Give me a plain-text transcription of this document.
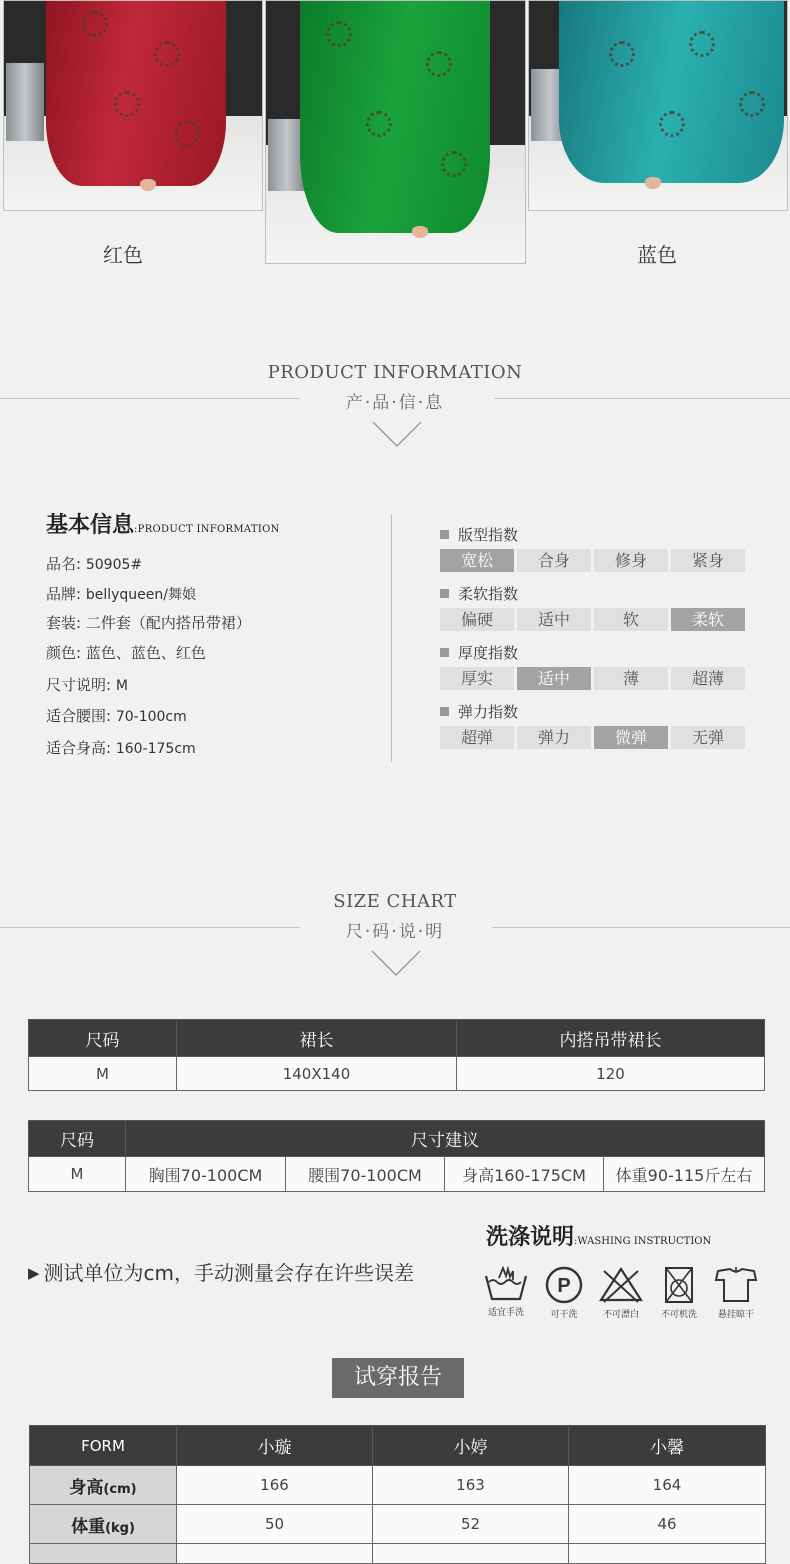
红色	蓝色
PRODUCT INFORMATION
产·品·信·息
基本信息:PRODUCT INFORMATION
品名: 50905#
品牌: bellyqueen/舞娘
套装: 二件套（配内搭吊带裙）
颜色: 蓝色、蓝色、红色
尺寸说明: M
适合腰围: 70-100cm
适合身高: 160-175cm
版型指数
宽松	合身	修身	紧身
柔软指数
偏硬	适中	软	柔软
厚度指数
厚实	适中	薄	超薄
弹力指数
超弹	弹力	微弹	无弹
SIZE CHART
尺·码·说·明
尺码	裙长	内搭吊带裙长
M	140X140	120
尺码	尺寸建议			
M	胸围70-100CM	腰围70-100CM	身高160-175CM	体重90-115斤左右
▶ 测试单位为cm，手动测量会存在许些误差
洗涤说明:WASHING INSTRUCTION
适宜手洗
P
可干洗	不可漂白	不可机洗	悬挂晾干
试穿报告
FORM	小璇	小婷	小馨
身高(cm)	166	163	164
体重(kg)	50	52	46
